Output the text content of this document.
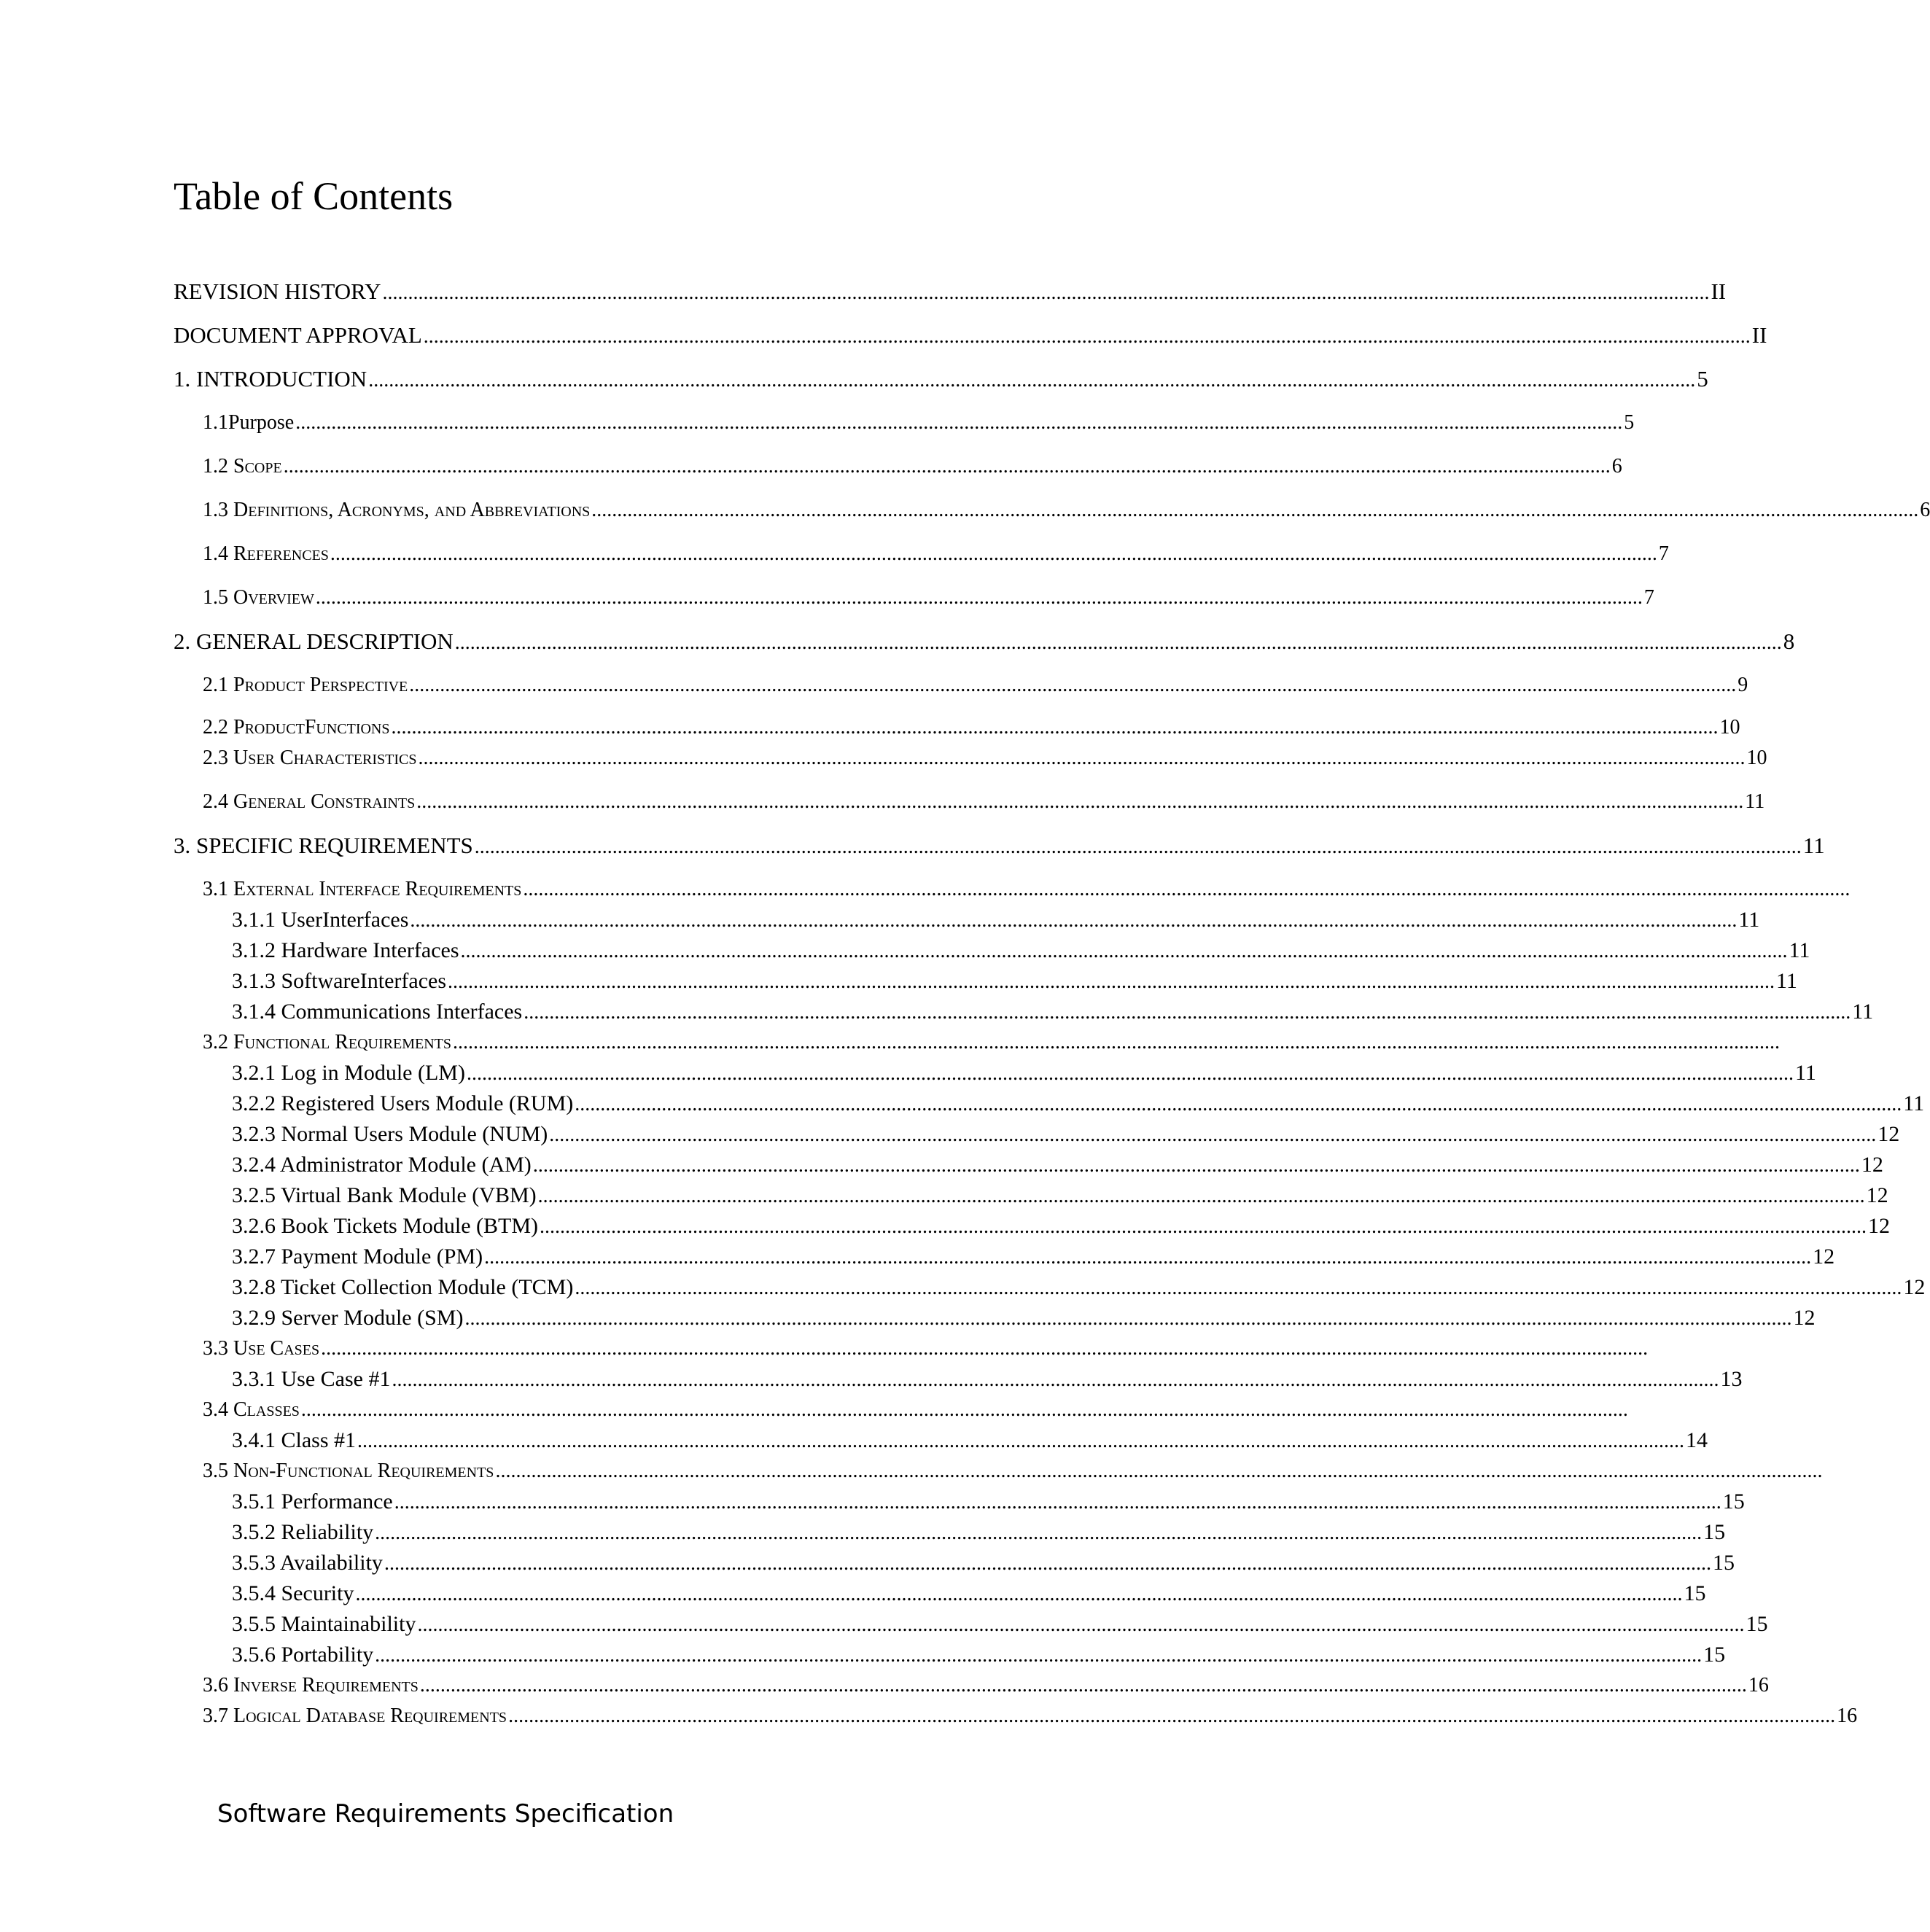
Table of Contents
REVISION HISTORY .................................................................................................................................................................................................................................................................... II
DOCUMENT APPROVAL .................................................................................................................................................................................................................................................................... II
1. INTRODUCTION .................................................................................................................................................................................................................................................................... 5
1.1Purpose .................................................................................................................................................................................................................................................................... 5
1.2 Scope .................................................................................................................................................................................................................................................................... 6
1.3 Definitions, Acronyms, and Abbreviations .................................................................................................................................................................................................................................................................... 6
1.4 References .................................................................................................................................................................................................................................................................... 7
1.5 Overview .................................................................................................................................................................................................................................................................... 7
2. GENERAL DESCRIPTION .................................................................................................................................................................................................................................................................... 8
2.1 Product Perspective .................................................................................................................................................................................................................................................................... 9
2.2 ProductFunctions .................................................................................................................................................................................................................................................................... 10
2.3 User Characteristics .................................................................................................................................................................................................................................................................... 10
2.4 General Constraints .................................................................................................................................................................................................................................................................... 11
3. SPECIFIC REQUIREMENTS .................................................................................................................................................................................................................................................................... 11
3.1 External Interface Requirements ....................................................................................................................................................................................................................................................................
3.1.1 UserInterfaces .................................................................................................................................................................................................................................................................... 11
3.1.2 Hardware Interfaces .................................................................................................................................................................................................................................................................... 11
3.1.3 SoftwareInterfaces .................................................................................................................................................................................................................................................................... 11
3.1.4 Communications Interfaces .................................................................................................................................................................................................................................................................... 11
3.2 Functional Requirements ....................................................................................................................................................................................................................................................................
3.2.1 Log in Module (LM) .................................................................................................................................................................................................................................................................... 11
3.2.2 Registered Users Module (RUM) .................................................................................................................................................................................................................................................................... 11
3.2.3 Normal Users Module (NUM) .................................................................................................................................................................................................................................................................... 12
3.2.4 Administrator Module (AM) .................................................................................................................................................................................................................................................................... 12
3.2.5 Virtual Bank Module (VBM) .................................................................................................................................................................................................................................................................... 12
3.2.6 Book Tickets Module (BTM) .................................................................................................................................................................................................................................................................... 12
3.2.7 Payment Module (PM) .................................................................................................................................................................................................................................................................... 12
3.2.8 Ticket Collection Module (TCM) .................................................................................................................................................................................................................................................................... 12
3.2.9 Server Module (SM) .................................................................................................................................................................................................................................................................... 12
3.3 Use Cases ....................................................................................................................................................................................................................................................................
3.3.1 Use Case #1 .................................................................................................................................................................................................................................................................... 13
3.4 Classes ....................................................................................................................................................................................................................................................................
3.4.1 Class #1 .................................................................................................................................................................................................................................................................... 14
3.5 Non-Functional Requirements ....................................................................................................................................................................................................................................................................
3.5.1 Performance .................................................................................................................................................................................................................................................................... 15
3.5.2 Reliability .................................................................................................................................................................................................................................................................... 15
3.5.3 Availability .................................................................................................................................................................................................................................................................... 15
3.5.4 Security .................................................................................................................................................................................................................................................................... 15
3.5.5 Maintainability .................................................................................................................................................................................................................................................................... 15
3.5.6 Portability .................................................................................................................................................................................................................................................................... 15
3.6 Inverse Requirements .................................................................................................................................................................................................................................................................... 16
3.7 Logical Database Requirements .................................................................................................................................................................................................................................................................... 16
Software Requirements Specification
